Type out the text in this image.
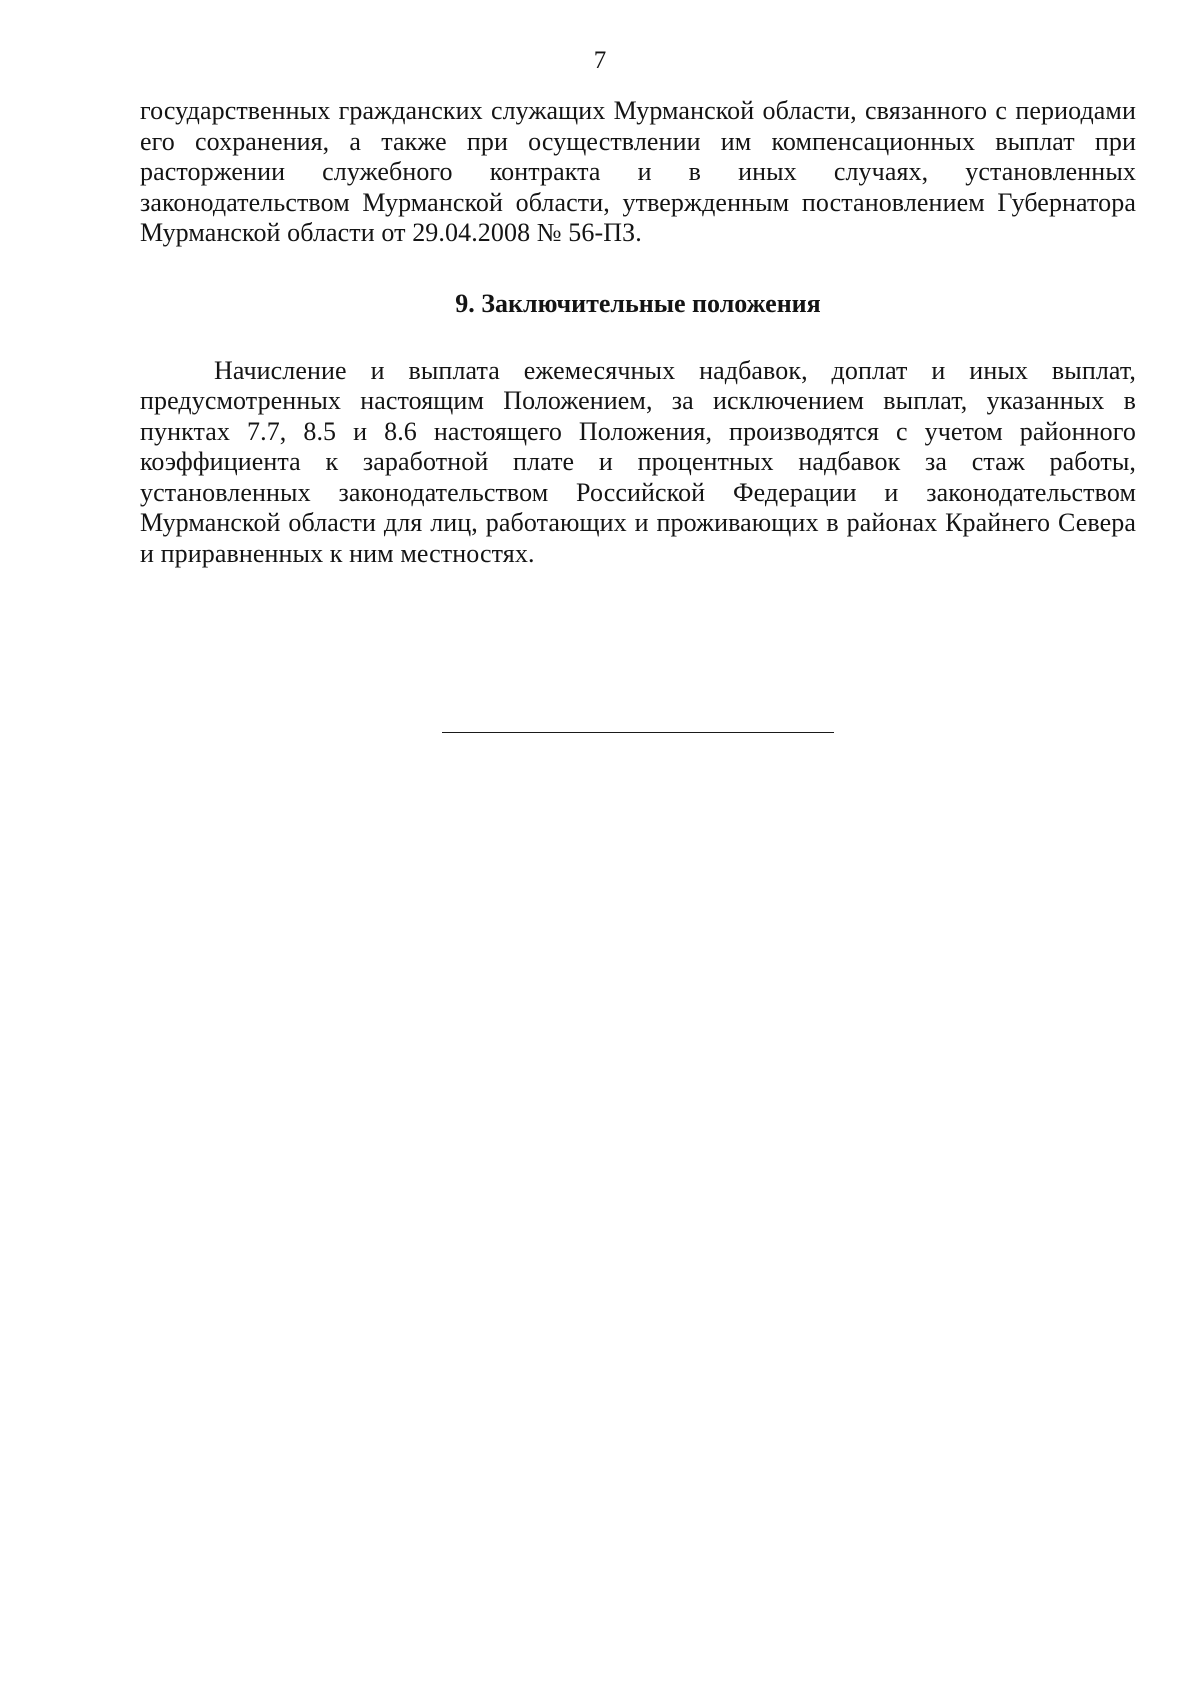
7

государственных гражданских служащих Мурманской области, связанного с периодами его сохранения, а также при осуществлении им компенсационных выплат при расторжении служебного контракта и в иных случаях, установленных законодательством Мурманской области, утвержденным постановлением Губернатора Мурманской области от 29.04.2008 № 56-ПЗ.

9. Заключительные положения

Начисление и выплата ежемесячных надбавок, доплат и иных выплат, предусмотренных настоящим Положением, за исключением выплат, указанных в пунктах 7.7, 8.5 и 8.6 настоящего Положения, производятся с учетом районного коэффициента к заработной плате и процентных надбавок за стаж работы, установленных законодательством Российской Федерации и законодательством Мурманской области для лиц, работающих и проживающих в районах Крайнего Севера и приравненных к ним местностях.
